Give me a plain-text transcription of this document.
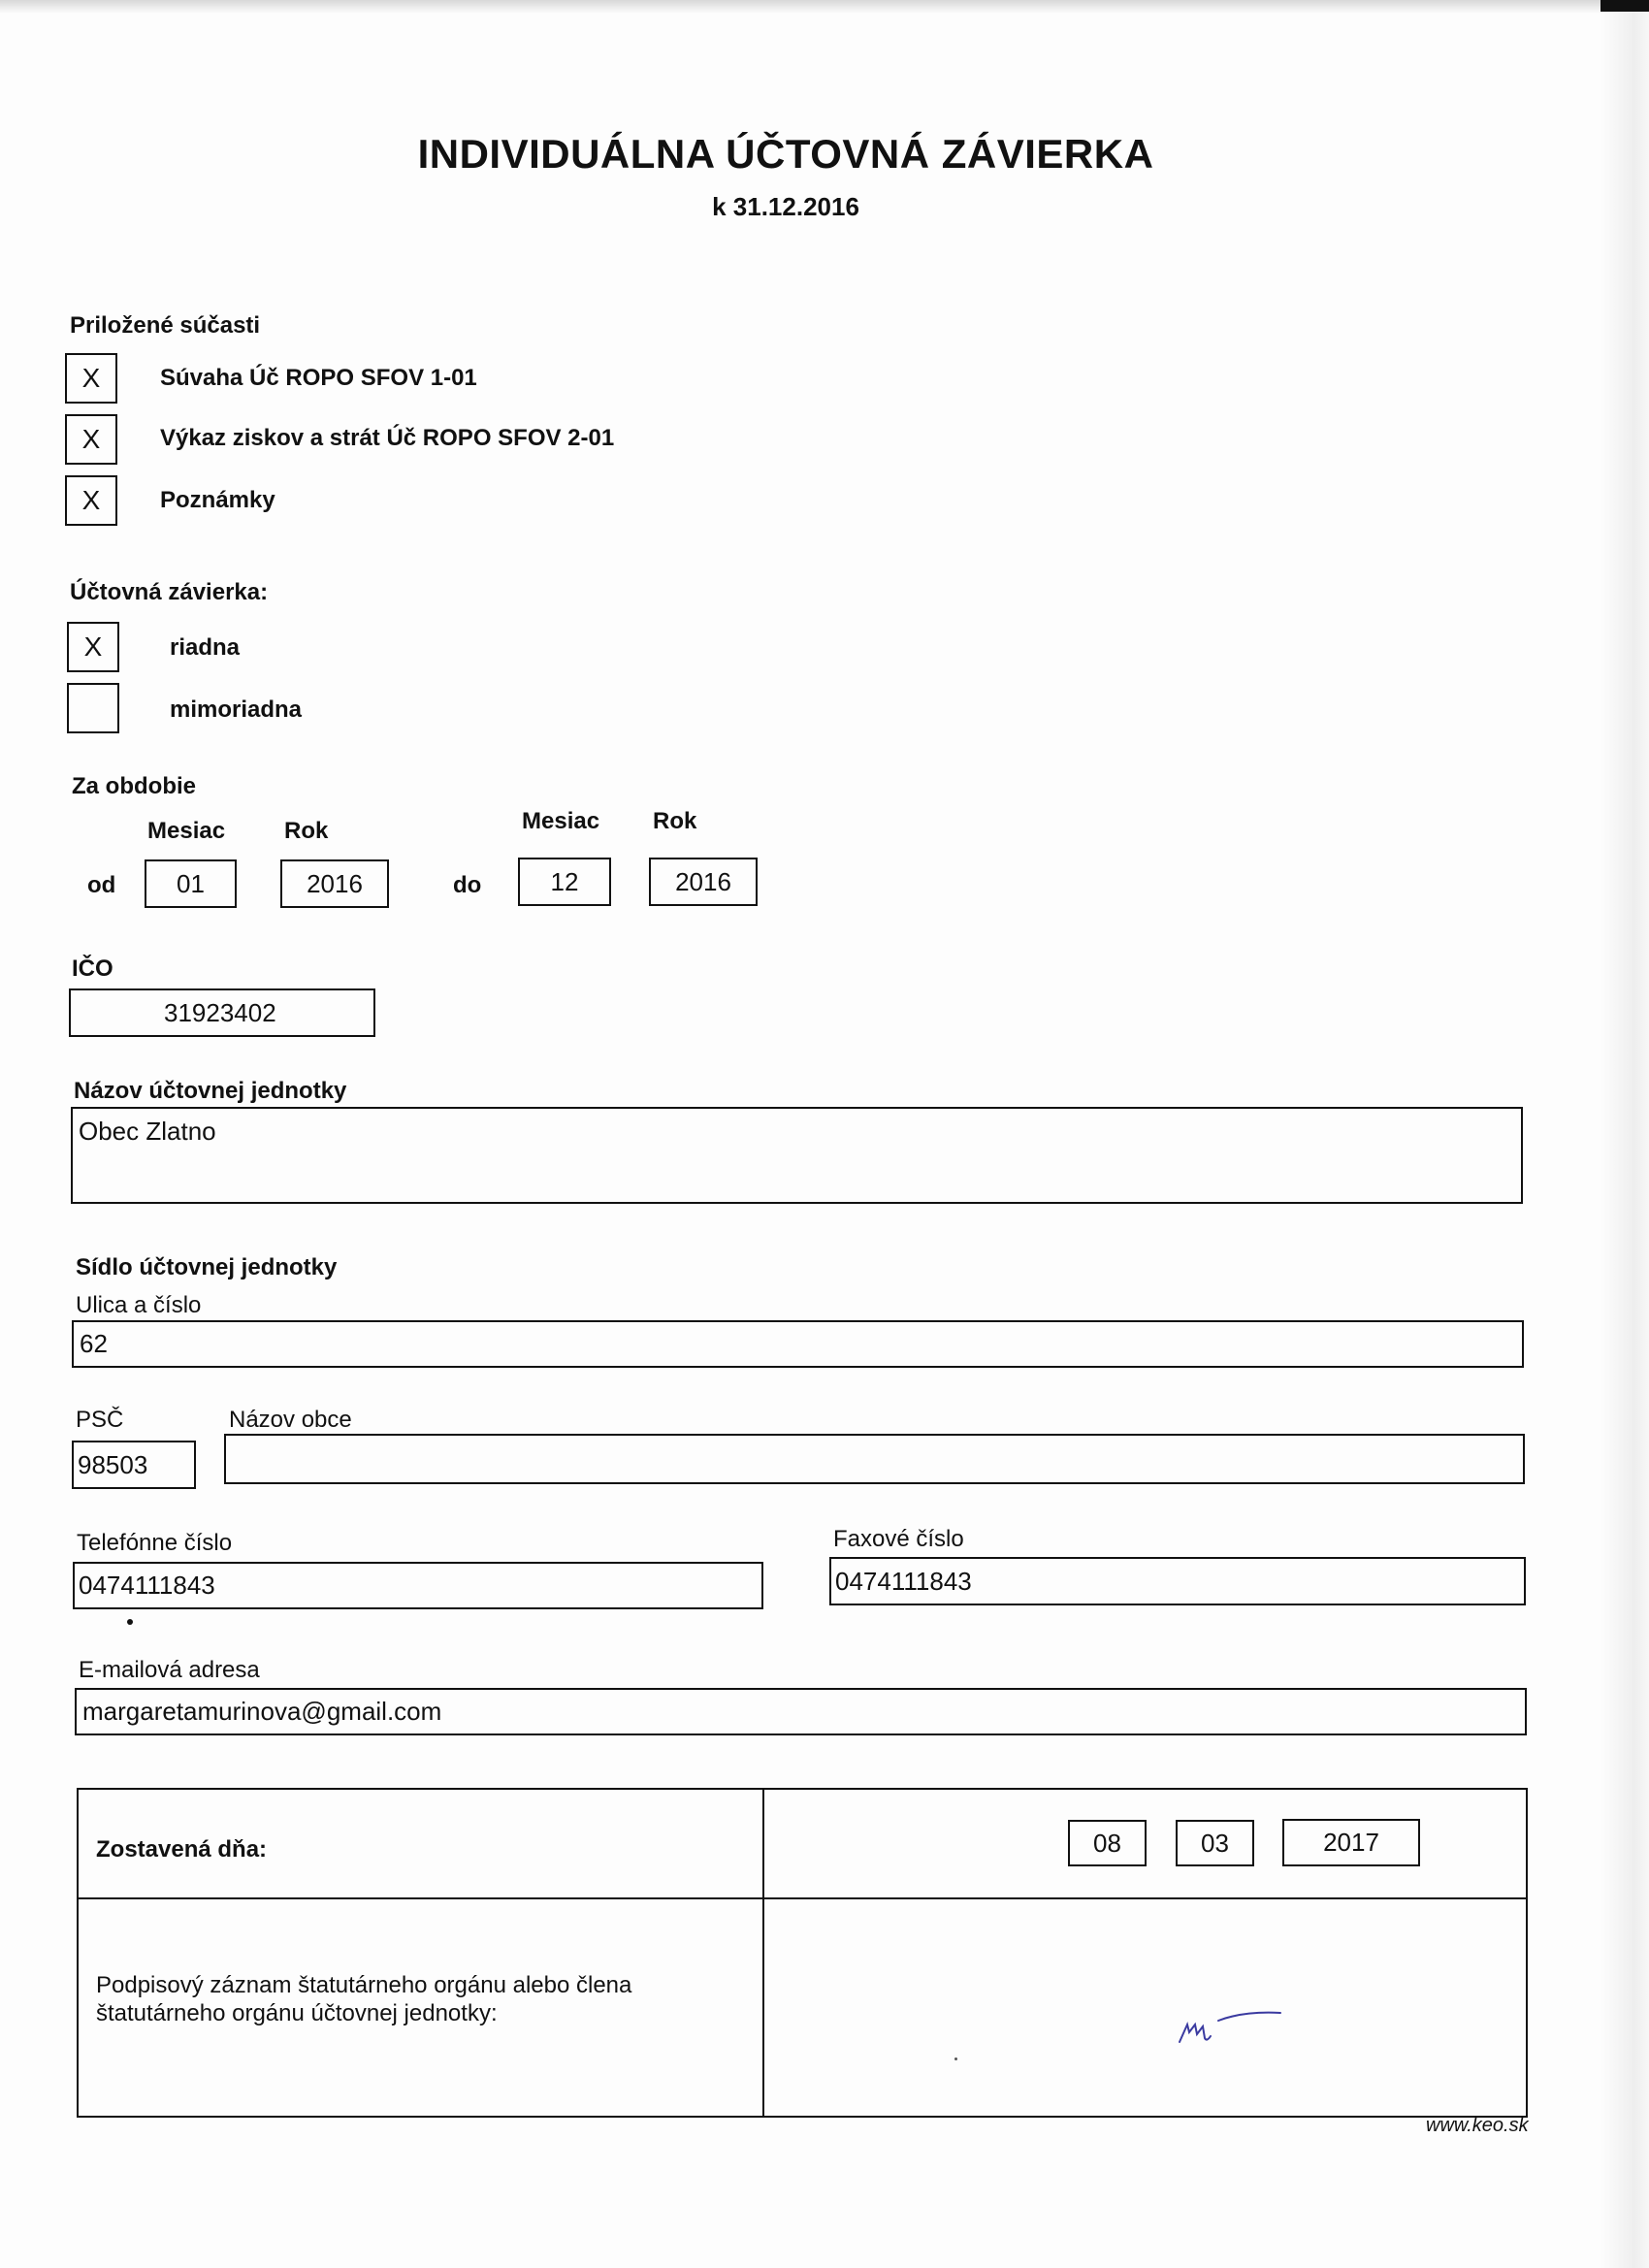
INDIVIDUÁLNA ÚČTOVNÁ ZÁVIERKA
k 31.12.2016
Priložené súčasti
X	Súvaha Úč ROPO SFOV 1-01
X	Výkaz ziskov a strát Úč ROPO SFOV 2-01
X	Poznámky
Účtovná závierka:
X	riadna
mimoriadna
Za obdobie
Mesiac	Rok	Mesiac Rok
od	01	2016	do	12	2016
IČO
31923402
Názov účtovnej jednotky
Obec Zlatno
Sídlo účtovnej jednotky
Ulica a číslo
62
PSČ	Názov obce
98503
Telefónne číslo
0474111843
Faxové číslo
0474111843
E-mailová adresa
margaretamurinova@gmail.com
Zostavená dňa:	08	03	2017
Podpisový záznam štatutárneho orgánu alebo člena štatutárneho orgánu účtovnej jednotky:
www.keo.sk
